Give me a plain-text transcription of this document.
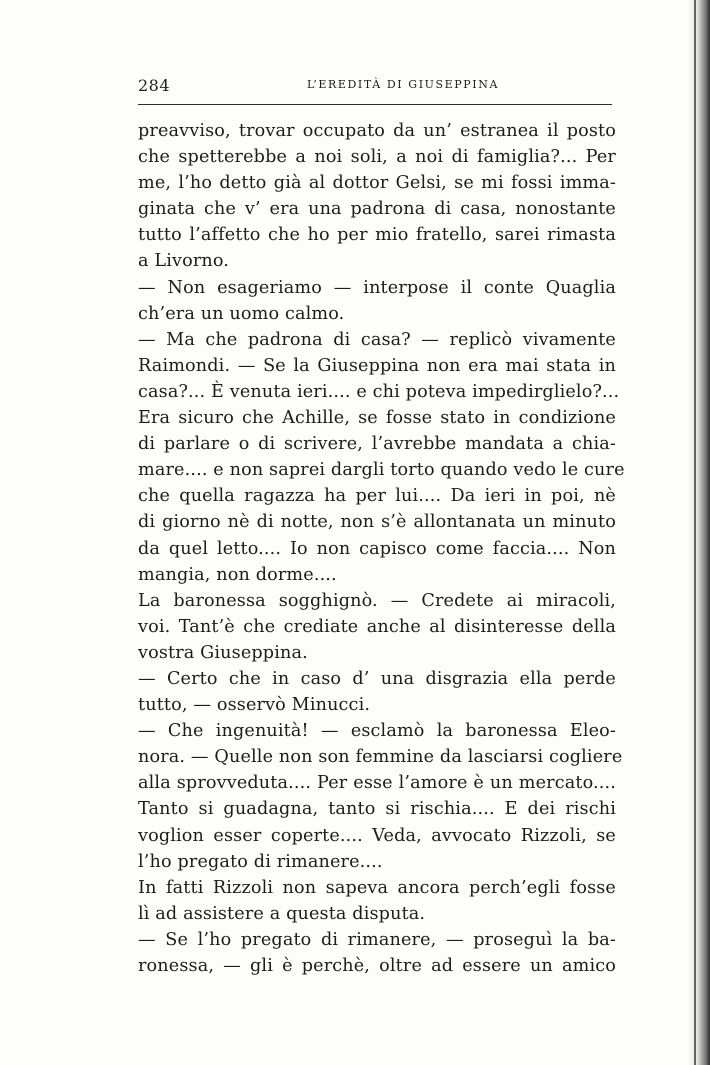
284	L’EREDITÀ DI GIUSEPPINA
preavviso, trovar occupato da un’ estranea il posto
che spetterebbe a noi soli, a noi di famiglia?... Per
me, l’ho detto già al dottor Gelsi, se mi fossi imma-
ginata che v’ era una padrona di casa, nonostante
tutto l’affetto che ho per mio fratello, sarei rimasta
a Livorno.
— Non esageriamo — interpose il conte Quaglia
ch’era un uomo calmo.
— Ma che padrona di casa? — replicò vivamente
Raimondi. — Se la Giuseppina non era mai stata in
casa?... È venuta ieri.... e chi poteva impedirglielo?...
Era sicuro che Achille, se fosse stato in condizione
di parlare o di scrivere, l’avrebbe mandata a chia-
mare.... e non saprei dargli torto quando vedo le cure
che quella ragazza ha per lui.... Da ieri in poi, nè
di giorno nè di notte, non s’è allontanata un minuto
da quel letto.... Io non capisco come faccia.... Non
mangia, non dorme....
La baronessa sogghignò. — Credete ai miracoli,
voi. Tant’è che crediate anche al disinteresse della
vostra Giuseppina.
— Certo che in caso d’ una disgrazia ella perde
tutto, — osservò Minucci.
— Che ingenuità! — esclamò la baronessa Eleo-
nora. — Quelle non son femmine da lasciarsi cogliere
alla sprovveduta.... Per esse l’amore è un mercato....
Tanto si guadagna, tanto si rischia.... E dei rischi
voglion esser coperte.... Veda, avvocato Rizzoli, se
l’ho pregato di rimanere....
In fatti Rizzoli non sapeva ancora perch’egli fosse
lì ad assistere a questa disputa.
— Se l’ho pregato di rimanere, — proseguì la ba-
ronessa, — gli è perchè, oltre ad essere un amico
